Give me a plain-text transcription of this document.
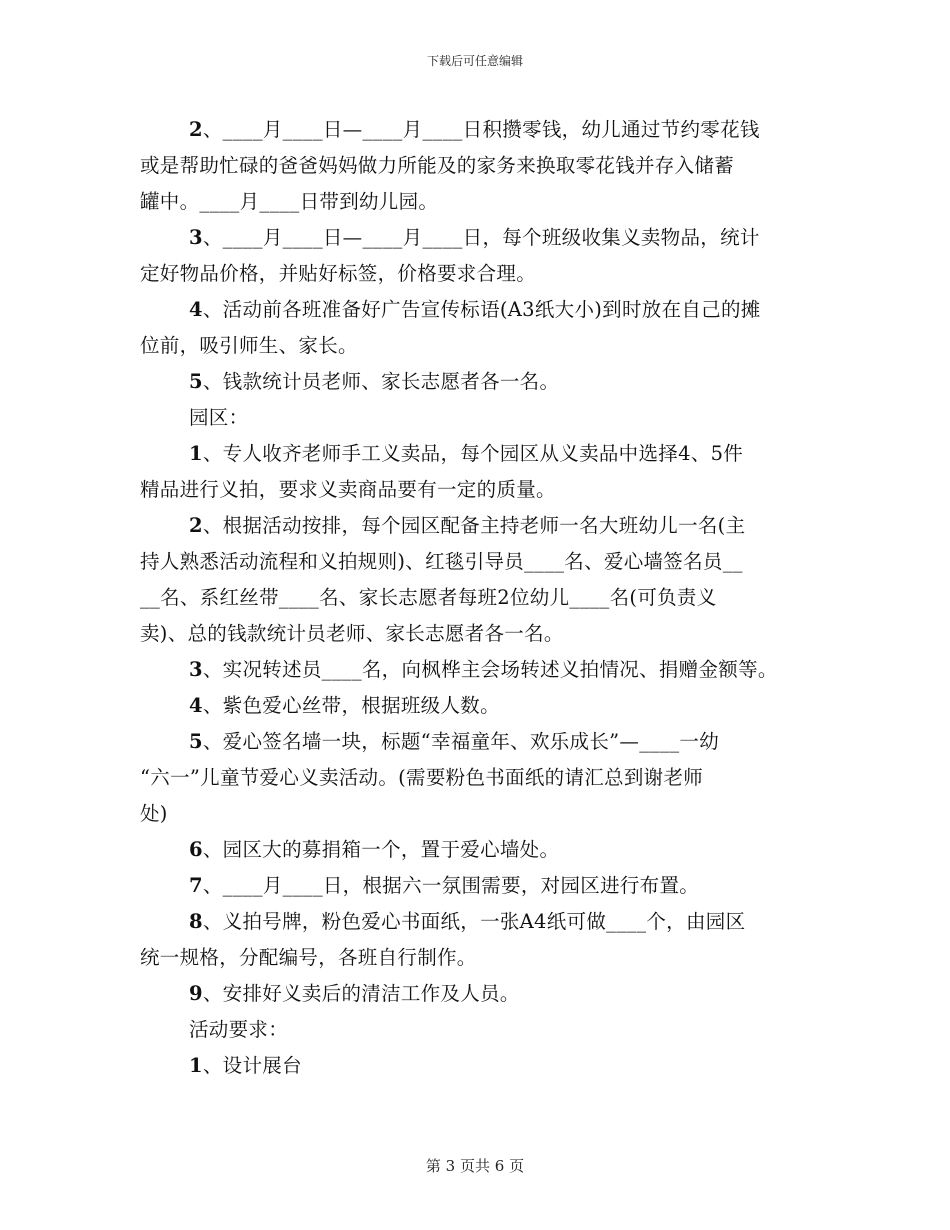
下载后可任意编辑
2、____月____日—____月____日积攒零钱，幼儿通过节约零花钱
或是帮助忙碌的爸爸妈妈做力所能及的家务来换取零花钱并存入储蓄
罐中。____月____日带到幼儿园。
3、____月____日—____月____日，每个班级收集义卖物品，统计
定好物品价格，并贴好标签，价格要求合理。
4、活动前各班准备好广告宣传标语(A3纸大小)到时放在自己的摊
位前，吸引师生、家长。
5、钱款统计员老师、家长志愿者各一名。
园区：
1、专人收齐老师手工义卖品，每个园区从义卖品中选择4、5件
精品进行义拍，要求义卖商品要有一定的质量。
2、根据活动按排，每个园区配备主持老师一名大班幼儿一名(主
持人熟悉活动流程和义拍规则)、红毯引导员____名、爱心墙签名员__
__名、系红丝带____名、家长志愿者每班2位幼儿____名(可负责义
卖)、总的钱款统计员老师、家长志愿者各一名。
3、实况转述员____名，向枫桦主会场转述义拍情况、捐赠金额等。
4、紫色爱心丝带，根据班级人数。
5、爱心签名墙一块，标题“幸福童年、欢乐成长”—____一幼
“六一”儿童节爱心义卖活动。(需要粉色书面纸的请汇总到谢老师
处)
6、园区大的募捐箱一个，置于爱心墙处。
7、____月____日，根据六一氛围需要，对园区进行布置。
8、义拍号牌，粉色爱心书面纸，一张A4纸可做____个，由园区
统一规格，分配编号，各班自行制作。
9、安排好义卖后的清洁工作及人员。
活动要求：
1、设计展台
第 3 页共 6 页
